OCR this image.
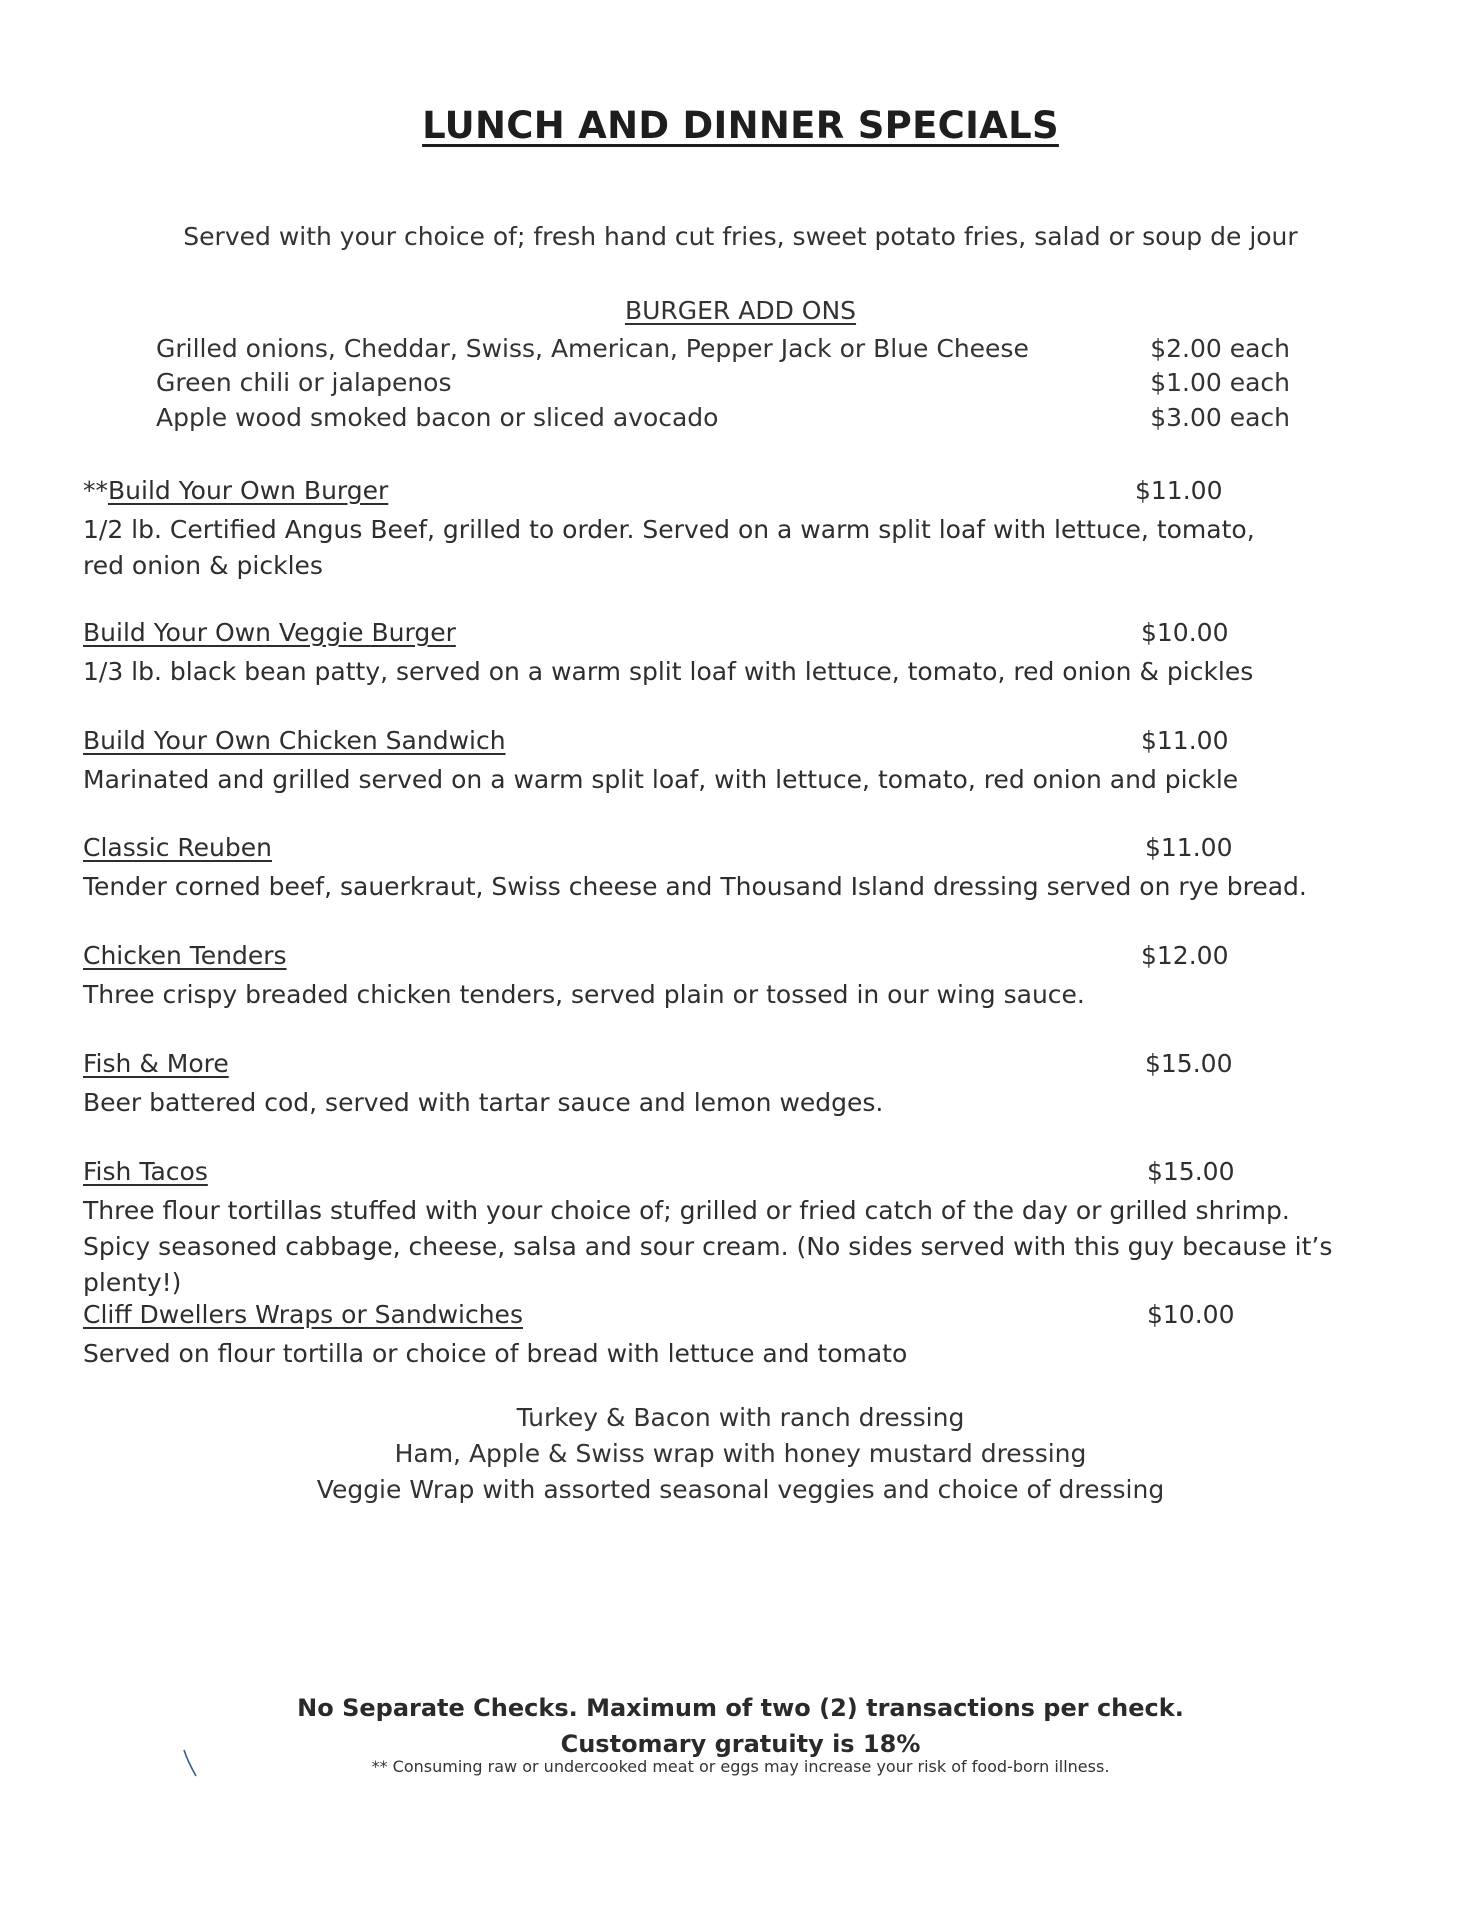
LUNCH AND DINNER SPECIALS
Served with your choice of; fresh hand cut fries, sweet potato fries, salad or soup de jour
BURGER ADD ONS
Grilled onions, Cheddar, Swiss, American, Pepper Jack or Blue Cheese	$2.00 each
Green chili or jalapenos	$1.00 each
Apple wood smoked bacon or sliced avocado	$3.00 each
**Build Your Own Burger	$11.00
1/2 lb. Certified Angus Beef, grilled to order. Served on a warm split loaf with lettuce, tomato,
red onion & pickles
Build Your Own Veggie Burger	$10.00
1/3 lb. black bean patty, served on a warm split loaf with lettuce, tomato, red onion & pickles
Build Your Own Chicken Sandwich	$11.00
Marinated and grilled served on a warm split loaf, with lettuce, tomato, red onion and pickle
Classic Reuben	$11.00
Tender corned beef, sauerkraut, Swiss cheese and Thousand Island dressing served on rye bread.
Chicken Tenders	$12.00
Three crispy breaded chicken tenders, served plain or tossed in our wing sauce.
Fish & More	$15.00
Beer battered cod, served with tartar sauce and lemon wedges.
Fish Tacos	$15.00
Three flour tortillas stuffed with your choice of; grilled or fried catch of the day or grilled shrimp.
Spicy seasoned cabbage, cheese, salsa and sour cream. (No sides served with this guy because it’s plenty!)
Cliff Dwellers Wraps or Sandwiches	$10.00
Served on flour tortilla or choice of bread with lettuce and tomato
Turkey & Bacon with ranch dressing
Ham, Apple & Swiss wrap with honey mustard dressing
Veggie Wrap with assorted seasonal veggies and choice of dressing
No Separate Checks. Maximum of two (2) transactions per check.
Customary gratuity is 18%
** Consuming raw or undercooked meat or eggs may increase your risk of food-born illness.
